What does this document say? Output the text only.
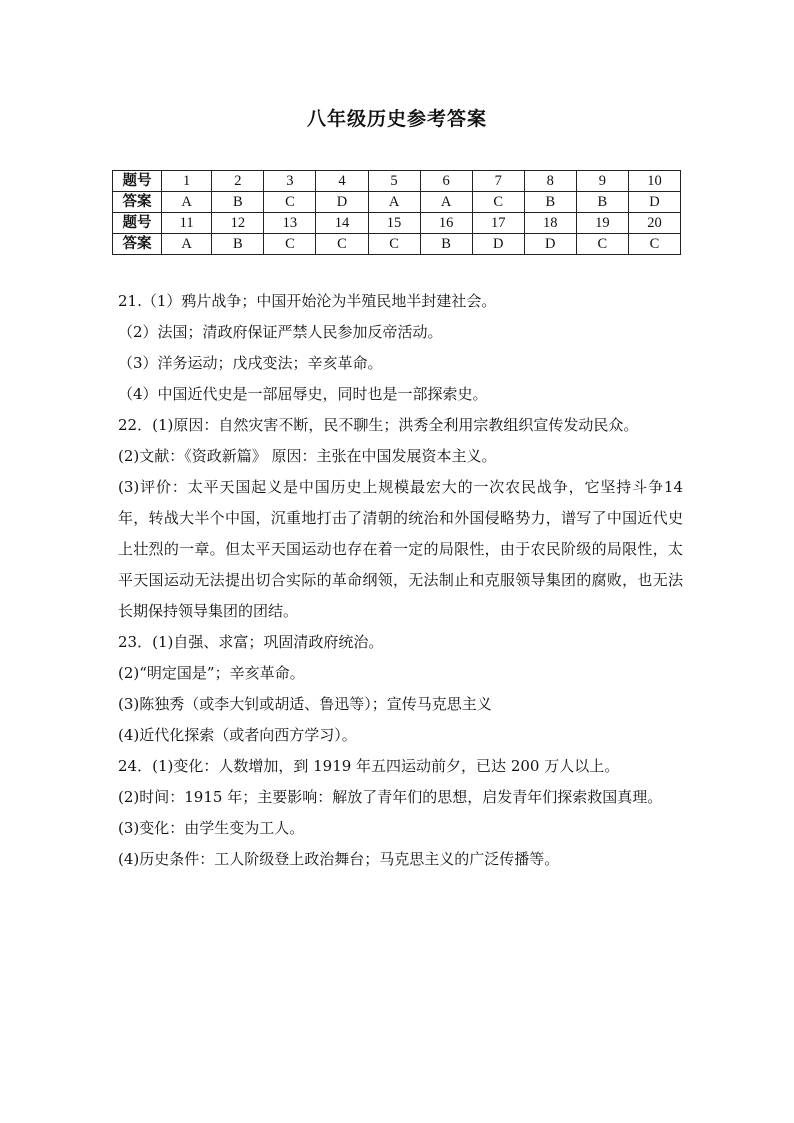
八年级历史参考答案
题号	1	2	3	4	5	6	7	8	9	10
答案	A	B	C	D	A	A	C	B	B	D
题号	11	12	13	14	15	16	17	18	19	20
答案	A	B	C	C	C	B	D	D	C	C

21.（1）鸦片战争；中国开始沦为半殖民地半封建社会。

（2）法国；清政府保证严禁人民参加反帝活动。

（3）洋务运动；戊戌变法；辛亥革命。

（4）中国近代史是一部屈辱史，同时也是一部探索史。

22．(1)原因：自然灾害不断，民不聊生；洪秀全利用宗教组织宣传发动民众。

(2)文献：《资政新篇》 原因：主张在中国发展资本主义。

(3)评价：太平天国起义是中国历史上规模最宏大的一次农民战争，它坚持斗争14 年，转战大半个中国，沉重地打击了清朝的统治和外国侵略势力，谱写了中国近代史上壮烈的一章。但太平天国运动也存在着一定的局限性，由于农民阶级的局限性，太平天国运动无法提出切合实际的革命纲领，无法制止和克服领导集团的腐败，也无法长期保持领导集团的团结。

23．(1)自强、求富；巩固清政府统治。

(2)“明定国是”；辛亥革命。

(3)陈独秀（或李大钊或胡适、鲁迅等）；宣传马克思主义

(4)近代化探索（或者向西方学习）。

24．(1)变化：人数增加，到 1919 年五四运动前夕，已达 200 万人以上。

(2)时间：1915 年；主要影响：解放了青年们的思想，启发青年们探索救国真理。

(3)变化：由学生变为工人。

(4)历史条件：工人阶级登上政治舞台；马克思主义的广泛传播等。
